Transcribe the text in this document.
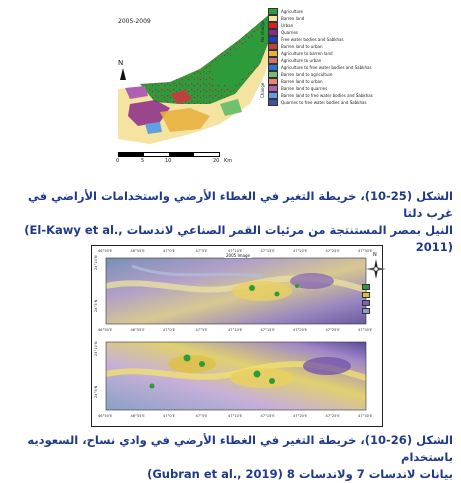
2005-2009
N
No change
Change
Agriculture
Barren land
Urban
Quarries
Free water bodies and Sabkhas
Barren land to urban
Agriculture to barren land
Agriculture to urban
Agriculture to free water bodies and Sabkhas
Barren land to agriculture
Barren land to urban
Barren land to quarries
Barren land to free water bodies and Sabkhas
Quarries to free water bodies and Sabkhas
0	5	10	20 Km
الشكل (25-10)، خريطة التغير في الغطاء الأرضي واستخدامات الأراضي في غرب دلتا
النيل بمصر المستنتجة من مرئيات القمر الصناعي لاندسات (El-Kawy et al., 2011)
2005 Image
46°50'E	46°55'E	47°0'E	47°5'E	47°10'E	47°15'E	47°20'E	47°25'E	47°30'E
46°50'E	46°55'E	47°0'E	47°5'E	47°10'E	47°15'E	47°20'E	47°25'E	47°30'E
46°50'E	46°55'E	47°0'E	47°5'E	47°10'E	47°15'E	47°20'E	47°25'E	47°30'E
24°10'N
24°5'N
24°10'N
24°5'N
N
الشكل (26-10)، خريطة التغير في الغطاء الأرضي في وادي نساح، السعوديه باستخدام
بيانات لاندسات 7 ولاندسات 8 (Gubran et al., 2019)
